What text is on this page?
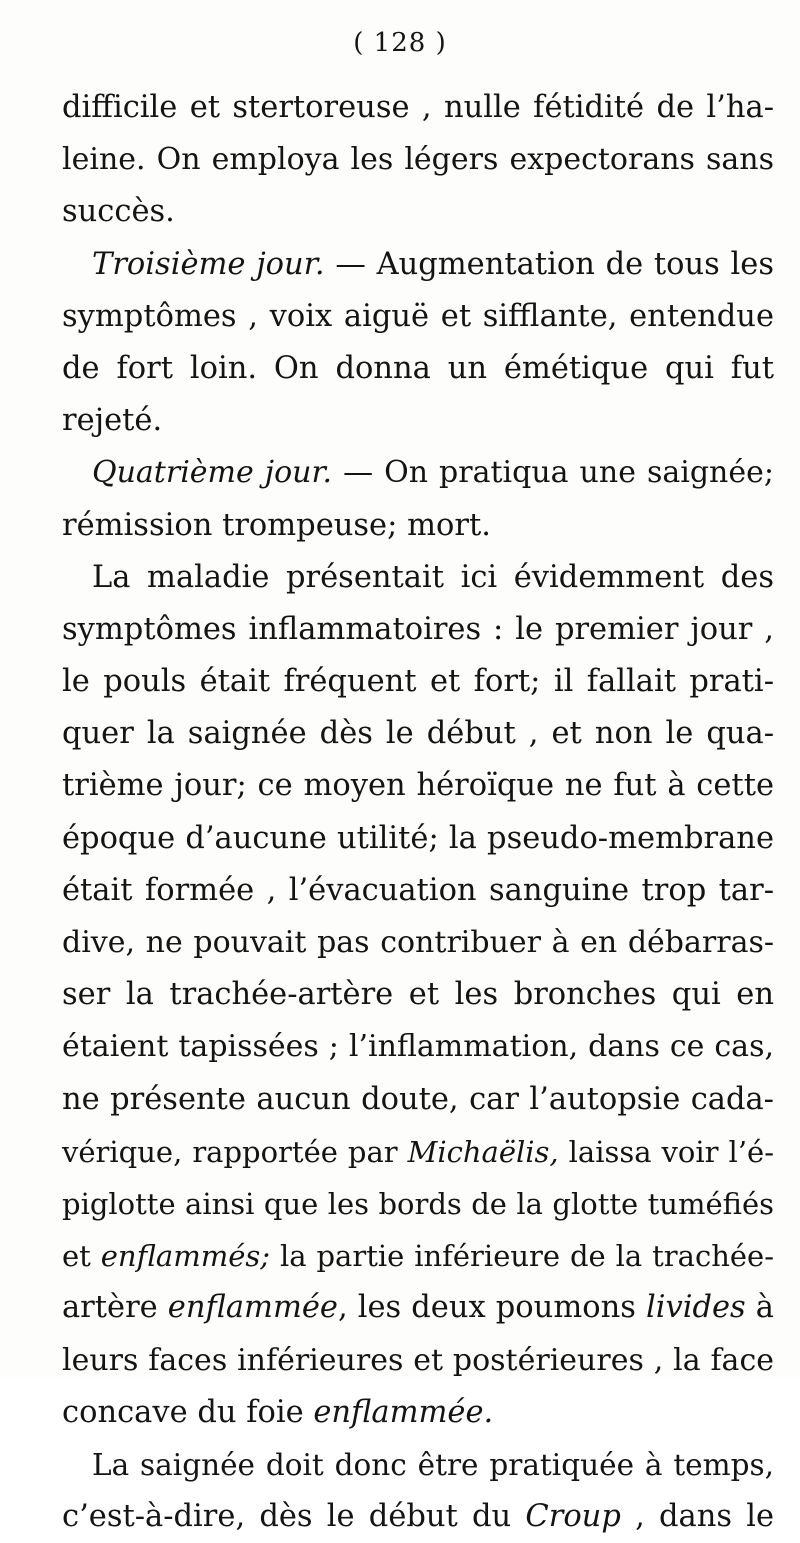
( 128 )
difficile et stertoreuse , nulle fétidité de l’ha-
leine. On employa les légers expectorans sans
succès.
Troisième jour. — Augmentation de tous les
symptômes , voix aiguë et sifflante, entendue
de fort loin. On donna un émétique qui fut
rejeté.
Quatrième jour. — On pratiqua une saignée;
rémission trompeuse; mort.
La maladie présentait ici évidemment des
symptômes inflammatoires : le premier jour ,
le pouls était fréquent et fort; il fallait prati-
quer la saignée dès le début , et non le qua-
trième jour; ce moyen héroïque ne fut à cette
époque d’aucune utilité; la pseudo-membrane
était formée , l’évacuation sanguine trop tar-
dive, ne pouvait pas contribuer à en débarras-
ser la trachée-artère et les bronches qui en
étaient tapissées ; l’inflammation, dans ce cas,
ne présente aucun doute, car l’autopsie cada-
vérique, rapportée par Michaëlis, laissa voir l’é-
piglotte ainsi que les bords de la glotte tuméfiés
et enflammés; la partie inférieure de la trachée-
artère enflammée, les deux poumons livides à
leurs faces inférieures et postérieures , la face
concave du foie enflammée.
La saignée doit donc être pratiquée à temps,
c’est-à-dire, dès le début du Croup , dans le
